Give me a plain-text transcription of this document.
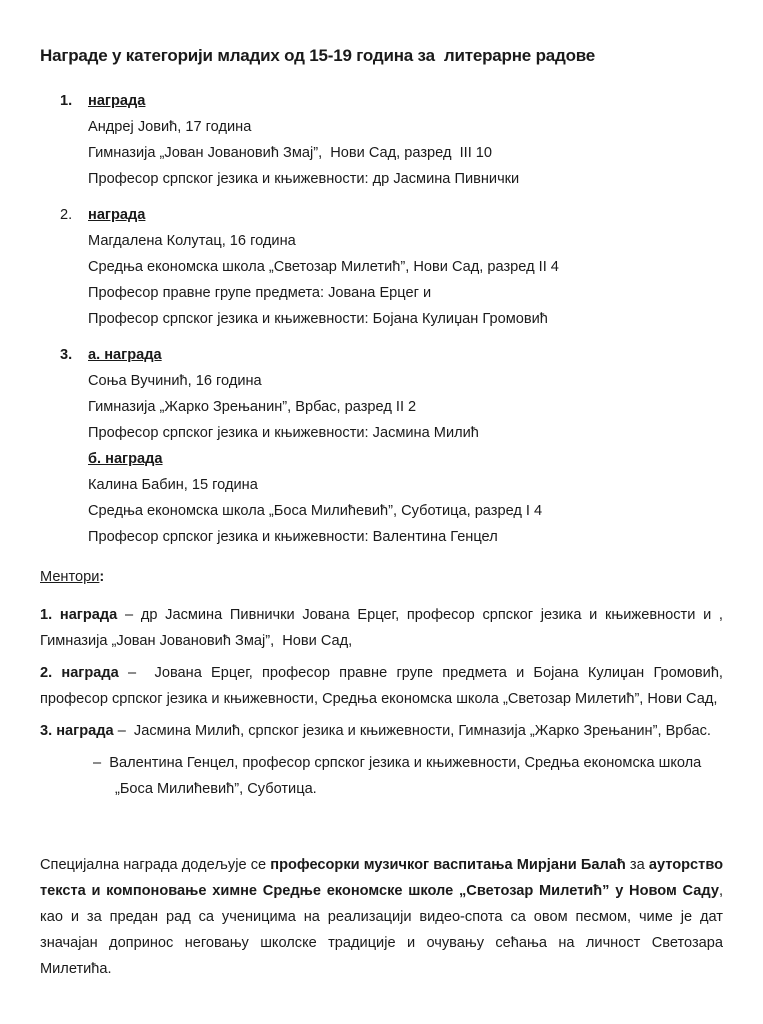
Награде у категорији младих од 15-19 година за  литерарне радове
1.	награда
Андреј Јовић, 17 година
Гимназија „Јован Јовановић Змај”,  Нови Сад, разред  III 10
Професор српског језика и књижевности: др Јасмина Пивнички
2.	награда
Магдалена Колутац, 16 година
Средња економска школа „Светозар Милетић”, Нови Сад, разред II 4
Професор правне групе предмета: Јована Ерцег и
Професор српског језика и књижевности: Бојана Кулиџан Громовић
3.	а. награда
Соња Вучинић, 16 година
Гимназија „Жарко Зрењанин”, Врбас, разред II 2
Професор српског језика и књижевности: Јасмина Милић
б. награда
Калина Бабин, 15 година
Средња економска школа „Боса Милићевић”, Суботица, разред I 4
Професор српског језика и књижевности: Валентина Генцел
Ментори:

1. награда – др Јасмина Пивнички Јована Ерцег, професор српског језика и књижевности и , Гимназија „Јован Јовановић Змај”,  Нови Сад,

2. награда –  Јована Ерцег, професор правне групе предмета и Бојана Кулиџан Громовић, професор српског језика и књижевности, Средња економска школа „Светозар Милетић”, Нови Сад,

3. награда –  Јасмина Милић, српског језика и књижевности, Гимназија „Жарко Зрењанин”, Врбас.

–  Валентина Генцел, професор српског језика и књижевности, Средња економска школа „Боса Милићевић”, Суботица.

Специјална награда додељује се професорки музичког васпитања Мирјани Балаћ за ауторство текста и компоновање химне Средње економске школе „Светозар Милетић” у Новом Саду, као и за предан рад са ученицима на реализацији видео-спота са овом песмом, чиме је дат значајан допринос неговању школске традиције и очувању сећања на личност Светозара Милетића.
